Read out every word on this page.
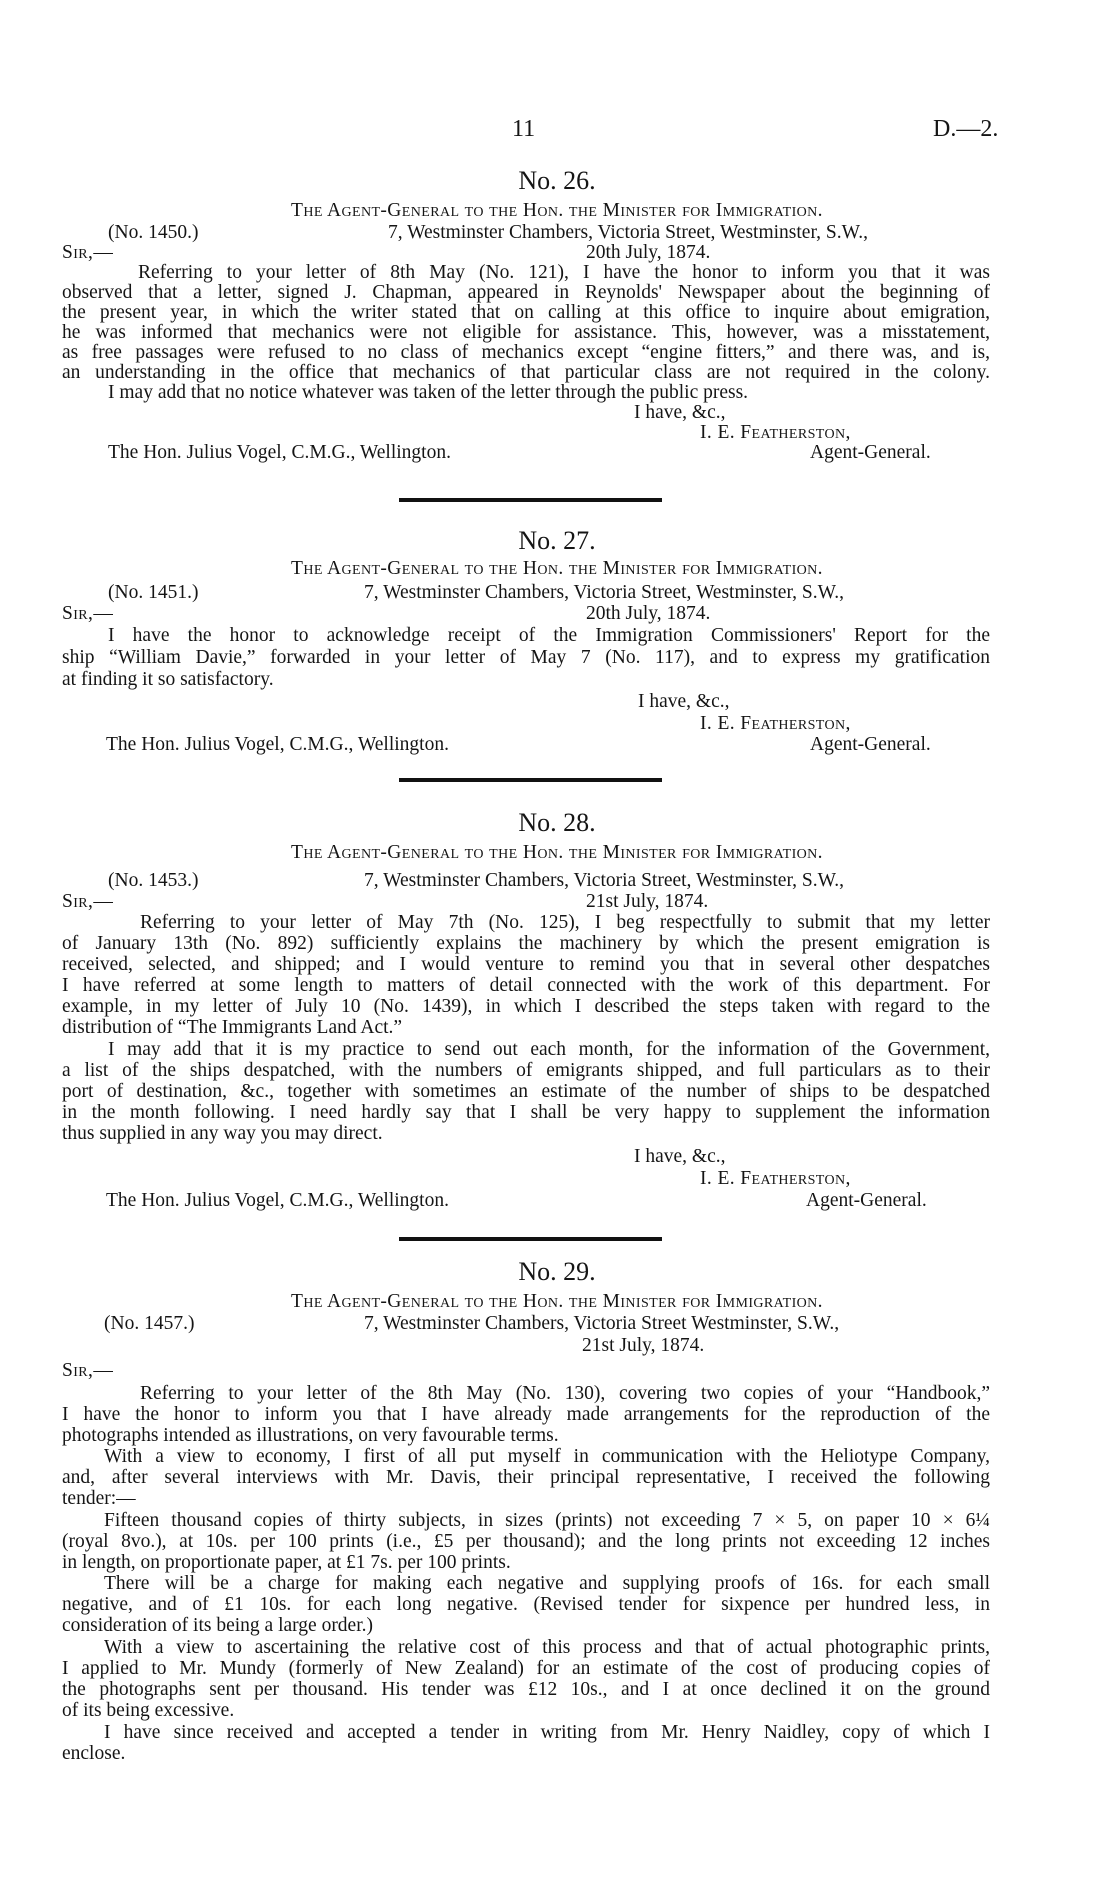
11	D.—2.
No. 26.
The Agent-General to the Hon. the Minister for Immigration.
(No. 1450.)	7, Westminster Chambers, Victoria Street, Westminster, S.W.,
Sir,—	20th July, 1874.
Referring to your letter of 8th May (No. 121), I have the honor to inform you that it was
observed that a letter, signed J. Chapman, appeared in Reynolds' Newspaper about the beginning of
the present year, in which the writer stated that on calling at this office to inquire about emigration,
he was informed that mechanics were not eligible for assistance. This, however, was a misstatement,
as free passages were refused to no class of mechanics except “engine fitters,” and there was, and is,
an understanding in the office that mechanics of that particular class are not required in the colony.
I may add that no notice whatever was taken of the letter through the public press.
I have, &c.,
I. E. Featherston,
The Hon. Julius Vogel, C.M.G., Wellington.	Agent-General.
No. 27.
The Agent-General to the Hon. the Minister for Immigration.
(No. 1451.)	7, Westminster Chambers, Victoria Street, Westminster, S.W.,
Sir,—	20th July, 1874.
I have the honor to acknowledge receipt of the Immigration Commissioners' Report for the
ship “William Davie,” forwarded in your letter of May 7 (No. 117), and to express my gratification
at finding it so satisfactory.
I have, &c.,
I. E. Featherston,
The Hon. Julius Vogel, C.M.G., Wellington.	Agent-General.
No. 28.
The Agent-General to the Hon. the Minister for Immigration.
(No. 1453.)	7, Westminster Chambers, Victoria Street, Westminster, S.W.,
Sir,—	21st July, 1874.
Referring to your letter of May 7th (No. 125), I beg respectfully to submit that my letter
of January 13th (No. 892) sufficiently explains the machinery by which the present emigration is
received, selected, and shipped; and I would venture to remind you that in several other despatches
I have referred at some length to matters of detail connected with the work of this department. For
example, in my letter of July 10 (No. 1439), in which I described the steps taken with regard to the
distribution of “The Immigrants Land Act.”
I may add that it is my practice to send out each month, for the information of the Government,
a list of the ships despatched, with the numbers of emigrants shipped, and full particulars as to their
port of destination, &c., together with sometimes an estimate of the number of ships to be despatched
in the month following. I need hardly say that I shall be very happy to supplement the information
thus supplied in any way you may direct.
I have, &c.,
I. E. Featherston,
The Hon. Julius Vogel, C.M.G., Wellington.	Agent-General.
No. 29.
The Agent-General to the Hon. the Minister for Immigration.
(No. 1457.)	7, Westminster Chambers, Victoria Street Westminster, S.W.,
21st July, 1874.
Sir,—
Referring to your letter of the 8th May (No. 130), covering two copies of your “Handbook,”
I have the honor to inform you that I have already made arrangements for the reproduction of the
photographs intended as illustrations, on very favourable terms.
With a view to economy, I first of all put myself in communication with the Heliotype Company,
and, after several interviews with Mr. Davis, their principal representative, I received the following
tender:—
Fifteen thousand copies of thirty subjects, in sizes (prints) not exceeding 7 × 5, on paper 10 × 6¼
(royal 8vo.), at 10s. per 100 prints (i.e., £5 per thousand); and the long prints not exceeding 12 inches
in length, on proportionate paper, at £1 7s. per 100 prints.
There will be a charge for making each negative and supplying proofs of 16s. for each small
negative, and of £1 10s. for each long negative. (Revised tender for sixpence per hundred less, in
consideration of its being a large order.)
With a view to ascertaining the relative cost of this process and that of actual photographic prints,
I applied to Mr. Mundy (formerly of New Zealand) for an estimate of the cost of producing copies of
the photographs sent per thousand. His tender was £12 10s., and I at once declined it on the ground
of its being excessive.
I have since received and accepted a tender in writing from Mr. Henry Naidley, copy of which I
enclose.
